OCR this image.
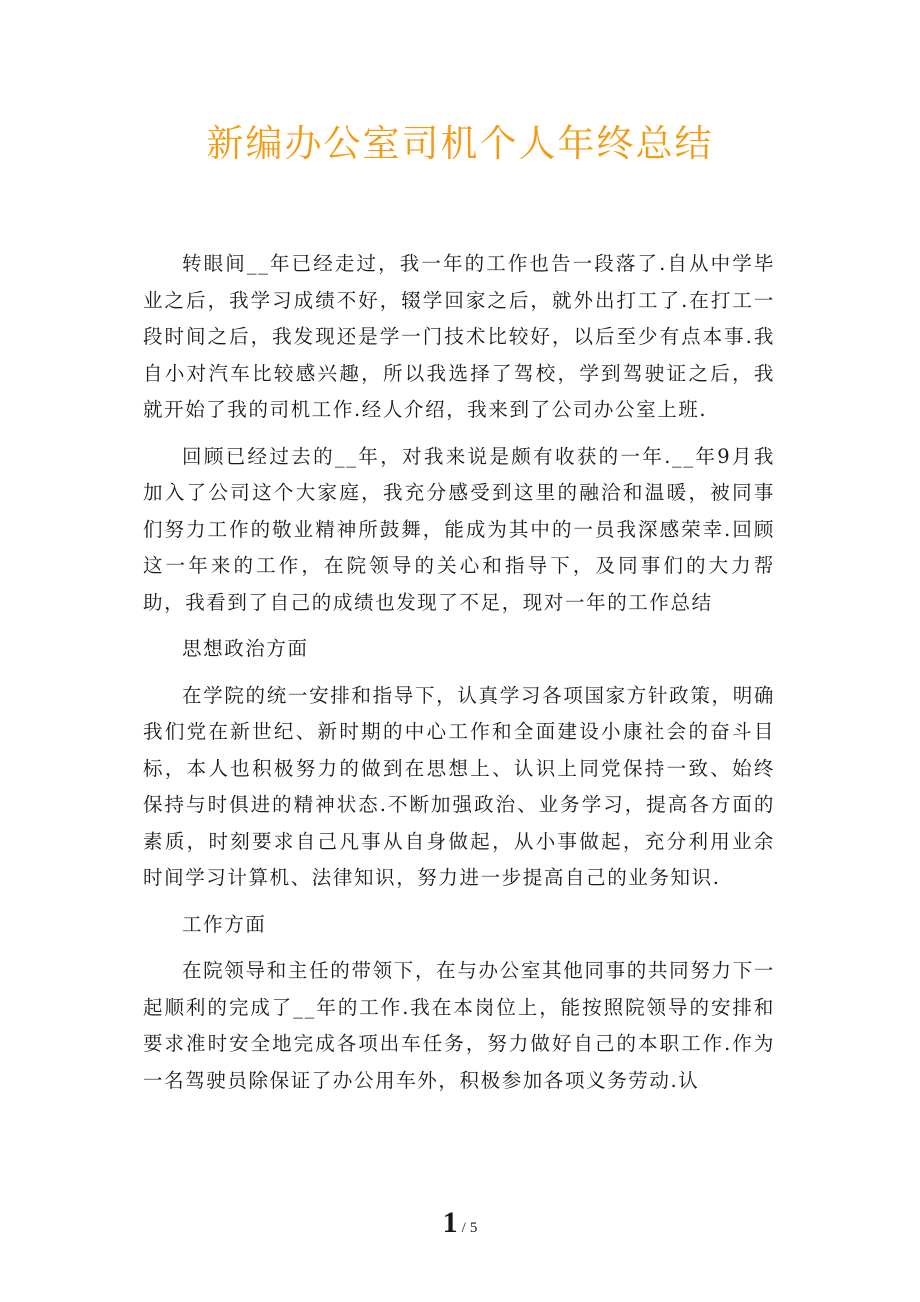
新编办公室司机个人年终总结

转眼间__年已经走过，我一年的工作也告一段落了.自从中学毕业之后，我学习成绩不好，辍学回家之后，就外出打工了.在打工一段时间之后，我发现还是学一门技术比较好，以后至少有点本事.我自小对汽车比较感兴趣，所以我选择了驾校，学到驾驶证之后，我就开始了我的司机工作.经人介绍，我来到了公司办公室上班.

回顾已经过去的__年，对我来说是颇有收获的一年.__年9月我加入了公司这个大家庭，我充分感受到这里的融洽和温暖，被同事们努力工作的敬业精神所鼓舞，能成为其中的一员我深感荣幸.回顾这一年来的工作，在院领导的关心和指导下，及同事们的大力帮助，我看到了自己的成绩也发现了不足，现对一年的工作总结

思想政治方面

在学院的统一安排和指导下，认真学习各项国家方针政策，明确我们党在新世纪、新时期的中心工作和全面建设小康社会的奋斗目标，本人也积极努力的做到在思想上、认识上同党保持一致、始终保持与时俱进的精神状态.不断加强政治、业务学习，提高各方面的素质，时刻要求自己凡事从自身做起，从小事做起，充分利用业余时间学习计算机、法律知识，努力进一步提高自己的业务知识.

工作方面

在院领导和主任的带领下，在与办公室其他同事的共同努力下一起顺利的完成了__年的工作.我在本岗位上，能按照院领导的安排和要求准时安全地完成各项出车任务，努力做好自己的本职工作.作为一名驾驶员除保证了办公用车外，积极参加各项义务劳动.认

1 / 5
